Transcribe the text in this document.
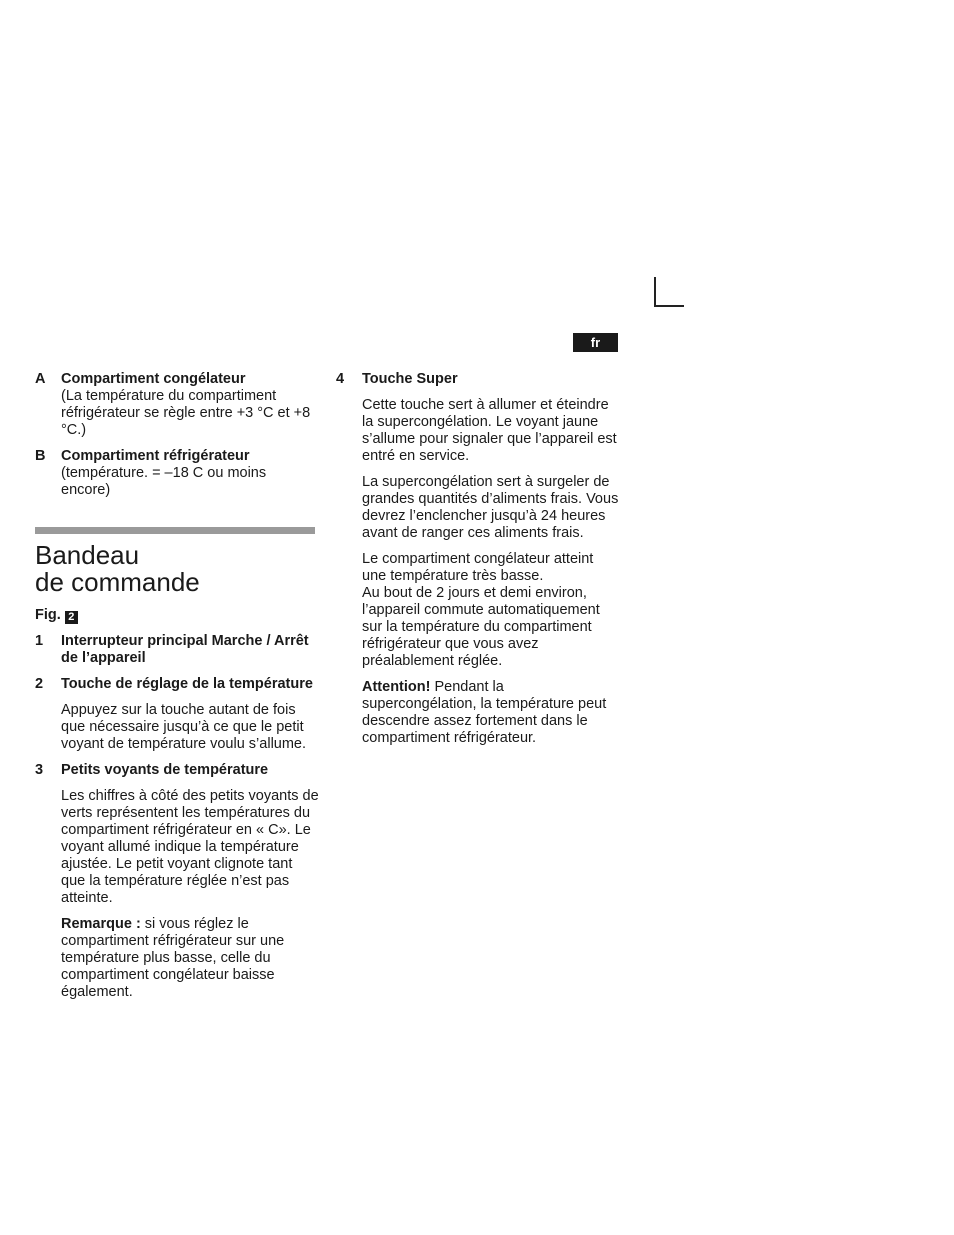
fr
A Compartiment congélateur

(La température du compartiment réfrigérateur se règle entre +3 °C et +8 °C.)

B Compartiment réfrigérateur

(température. = –18 C ou moins encore)

Bandeau
de commande
Fig. 2
1 Interrupteur principal Marche / Arrêt de l’appareil
2 Touche de réglage de la température

Appuyez sur la touche autant de fois que nécessaire jusqu’à ce que le petit voyant de température voulu s’allume.

3 Petits voyants de température

Les chiffres à côté des petits voyants de verts représentent les températures du compartiment réfrigérateur en « C». Le voyant allumé indique la température ajustée. Le petit voyant clignote tant que la température réglée n’est pas atteinte.

Remarque : si vous réglez le compartiment réfrigérateur sur une température plus basse, celle du compartiment congélateur baisse également.

4 Touche Super

Cette touche sert à allumer et éteindre la supercongélation. Le voyant jaune s’allume pour signaler que l’appareil est entré en service.

La supercongélation sert à surgeler de grandes quantités d’aliments frais. Vous devrez l’enclencher jusqu’à 24 heures avant de ranger ces aliments frais.

Le compartiment congélateur atteint une température très basse.
Au bout de 2 jours et demi environ, l’appareil commute automatiquement sur la température du compartiment réfrigérateur que vous avez préalablement réglée.

Attention! Pendant la supercongélation, la température peut descendre assez fortement dans le compartiment réfrigérateur.
